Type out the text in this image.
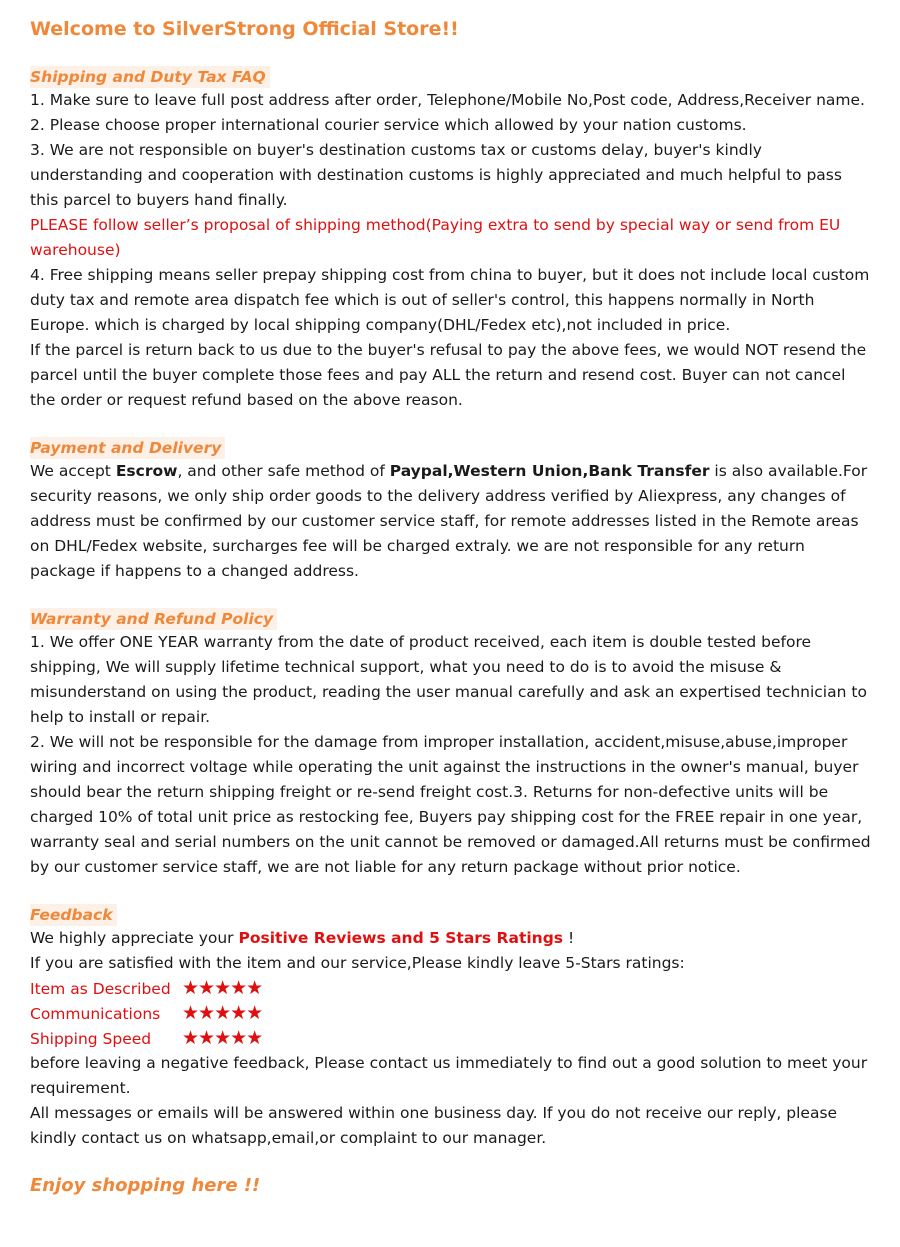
Welcome to SilverStrong Official Store!!
Shipping and Duty Tax FAQ

1. Make sure to leave full post address after order, Telephone/Mobile No,Post code, Address,Receiver name.

2. Please choose proper international courier service which allowed by your nation customs.

3. We are not responsible on buyer's destination customs tax or customs delay, buyer's kindly understanding and cooperation with destination customs is highly appreciated and much helpful to pass this parcel to buyers hand finally.

PLEASE follow seller’s proposal of shipping method(Paying extra to send by special way or send from EU warehouse)

4. Free shipping means seller prepay shipping cost from china to buyer, but it does not include local custom duty tax and remote area dispatch fee which is out of seller's control, this happens normally in North Europe. which is charged by local shipping company(DHL/Fedex etc),not included in price.

If the parcel is return back to us due to the buyer's refusal to pay the above fees, we would NOT resend the parcel until the buyer complete those fees and pay ALL the return and resend cost. Buyer can not cancel the order or request refund based on the above reason.

Payment and Delivery

We accept Escrow, and other safe method of Paypal,Western Union,Bank Transfer is also available.For security reasons, we only ship order goods to the delivery address verified by Aliexpress, any changes of address must be confirmed by our customer service staff, for remote addresses listed in the Remote areas on DHL/Fedex website, surcharges fee will be charged extraly. we are not responsible for any return package if happens to a changed address.

Warranty and Refund Policy

1. We offer ONE YEAR warranty from the date of product received, each item is double tested before shipping, We will supply lifetime technical support, what you need to do is to avoid the misuse & misunderstand on using the product, reading the user manual carefully and ask an expertised technician to help to install or repair.

2. We will not be responsible for the damage from improper installation, accident,misuse,abuse,improper wiring and incorrect voltage while operating the unit against the instructions in the owner's manual, buyer should bear the return shipping freight or re-send freight cost.3. Returns for non-defective units will be charged 10% of total unit price as restocking fee, Buyers pay shipping cost for the FREE repair in one year, warranty seal and serial numbers on the unit cannot be removed or damaged.All returns must be confirmed by our customer service staff, we are not liable for any return package without prior notice.

Feedback

We highly appreciate your Positive Reviews and 5 Stars Ratings !

If you are satisfied with the item and our service,Please kindly leave 5-Stars ratings:

Item as Described ★★★★★
Communications	★★★★★
Shipping Speed	★★★★★

before leaving a negative feedback, Please contact us immediately to find out a good solution to meet your requirement.

All messages or emails will be answered within one business day. If you do not receive our reply, please kindly contact us on whatsapp,email,or complaint to our manager.

Enjoy shopping here !!
